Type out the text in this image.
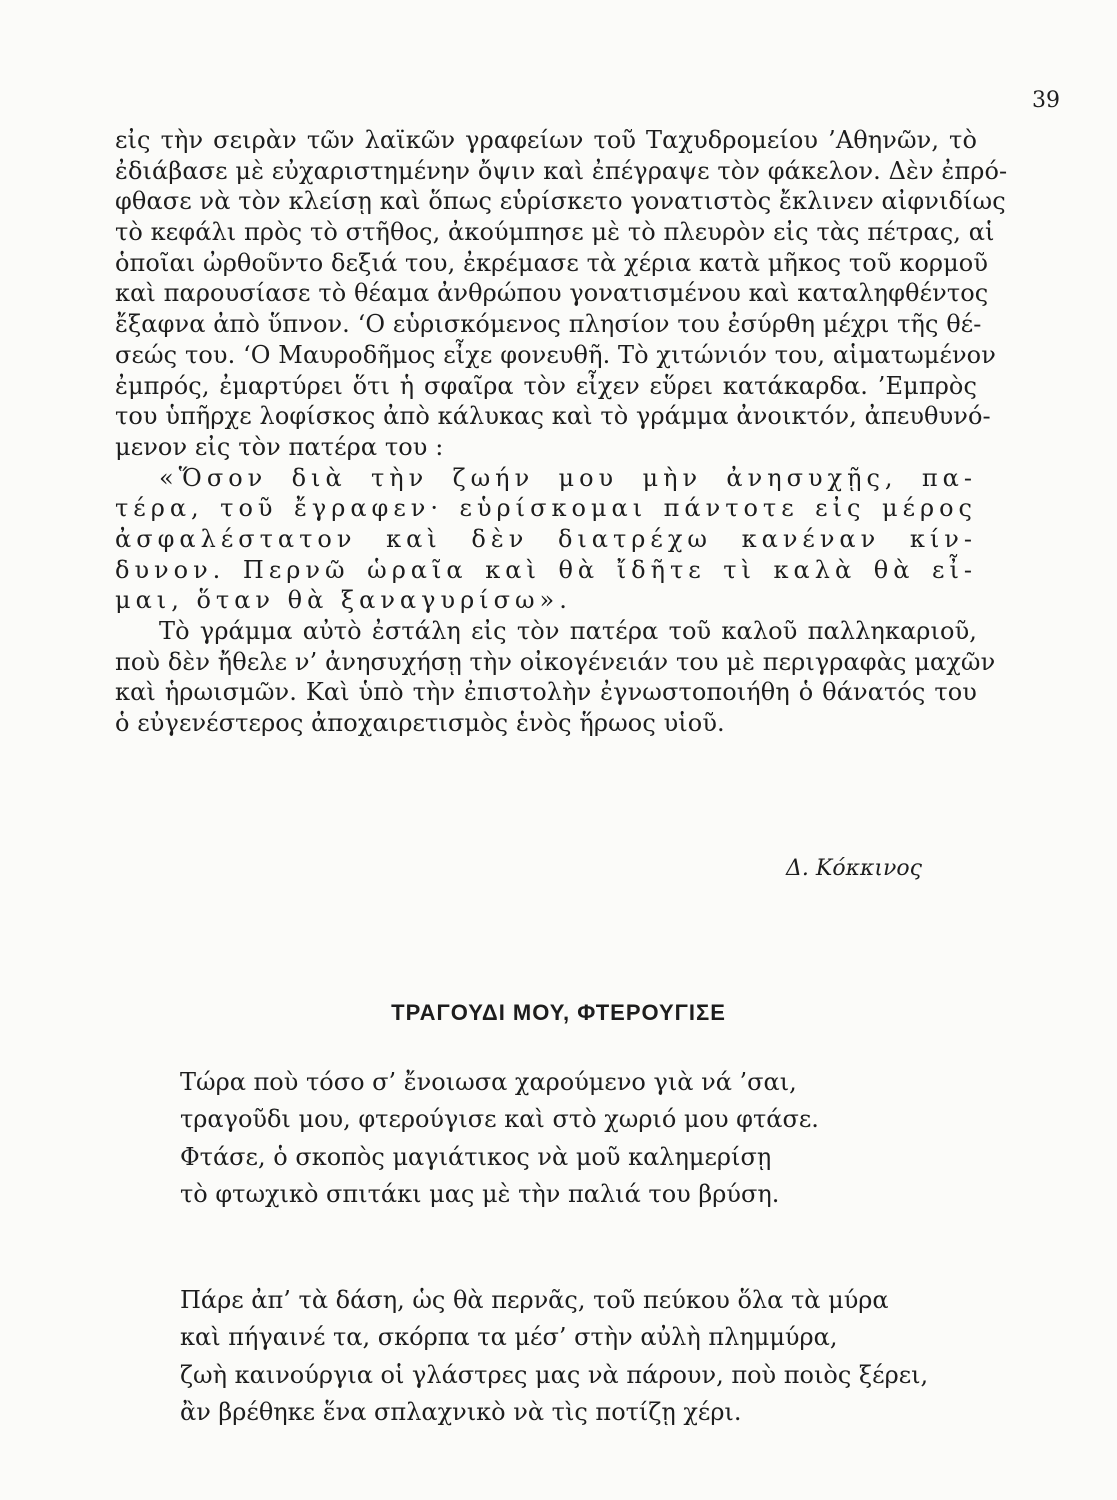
39
εἰς τὴν σειρὰν τῶν λαϊκῶν γραφείων τοῦ Ταχυδρομείου ’Αθηνῶν, τὸ
ἐδιάβασε μὲ εὐχαριστημένην ὄψιν καὶ ἐπέγραψε τὸν φάκελον. Δὲν ἐπρό-
φθασε νὰ τὸν κλείσῃ καὶ ὅπως εὑρίσκετο γονατιστὸς ἔκλινεν αἰφνιδίως
τὸ κεφάλι πρὸς τὸ στῆθος, ἀκούμπησε μὲ τὸ πλευρὸν εἰς τὰς πέτρας, αἱ
ὁποῖαι ὠρθοῦντο δεξιά του, ἐκρέμασε τὰ χέρια κατὰ μῆκος τοῦ κορμοῦ
καὶ παρουσίασε τὸ θέαμα ἀνθρώπου γονατισμένου καὶ καταληφθέντος
ἔξαφνα ἀπὸ ὕπνον. ‘Ο εὑρισκόμενος πλησίον του ἐσύρθη μέχρι τῆς θέ-
σεώς του. ‘Ο Μαυροδῆμος εἶχε φονευθῆ. Τὸ χιτώνιόν του, αἱματωμένον
ἐμπρός, ἐμαρτύρει ὅτι ἡ σφαῖρα τὸν εἶχεν εὕρει κατάκαρδα. ’Εμπρὸς
του ὑπῆρχε λοφίσκος ἀπὸ κάλυκας καὶ τὸ γράμμα ἀνοικτόν, ἀπευθυνό-
μενον εἰς τὸν πατέρα του :
«Ὅσον διὰ τὴν ζωήν μου μὴν ἀνησυχῇς, πα-
τέρα, τοῦ ἔγραφεν· εὑρίσκομαι πάντοτε εἰς μέρος
ἀσφαλέστατον καὶ δὲν διατρέχω κανέναν κίν-
δυνον. Περνῶ ὡραῖα καὶ θὰ ἴδῆτε τὶ καλὰ θὰ εἶ-
μαι, ὅταν θὰ ξαναγυρίσω».
Τὸ γράμμα αὐτὸ ἐστάλη εἰς τὸν πατέρα τοῦ καλοῦ παλληκαριοῦ,
ποὺ δὲν ἤθελε ν’ ἀνησυχήσῃ τὴν οἰκογένειάν του μὲ περιγραφὰς μαχῶν
καὶ ἡρωισμῶν. Καὶ ὑπὸ τὴν ἐπιστολὴν ἐγνωστοποιήθη ὁ θάνατός του
ὁ εὐγενέστερος ἀποχαιρετισμὸς ἑνὸς ἥρωος υἱοῦ.
Δ. Κόκκινος
ΤΡΑΓΟΥΔΙ ΜΟΥ, ΦΤΕΡΟΥΓΙΣΕ
Τώρα ποὺ τόσο σ’ ἔνοιωσα χαρούμενο γιὰ νά ’σαι,
τραγοῦδι μου, φτερούγισε καὶ στὸ χωριό μου φτάσε.
Φτάσε, ὁ σκοπὸς μαγιάτικος νὰ μοῦ καλημερίσῃ
τὸ φτωχικὸ σπιτάκι μας μὲ τὴν παλιά του βρύση.
Πάρε ἀπ’ τὰ δάση, ὡς θὰ περνᾶς, τοῦ πεύκου ὅλα τὰ μύρα
καὶ πήγαινέ τα, σκόρπα τα μέσ’ στὴν αὐλὴ πλημμύρα,
ζωὴ καινούργια οἱ γλάστρες μας νὰ πάρουν, ποὺ ποιὸς ξέρει,
ἂν βρέθηκε ἕνα σπλαχνικὸ νὰ τὶς ποτίζῃ χέρι.
